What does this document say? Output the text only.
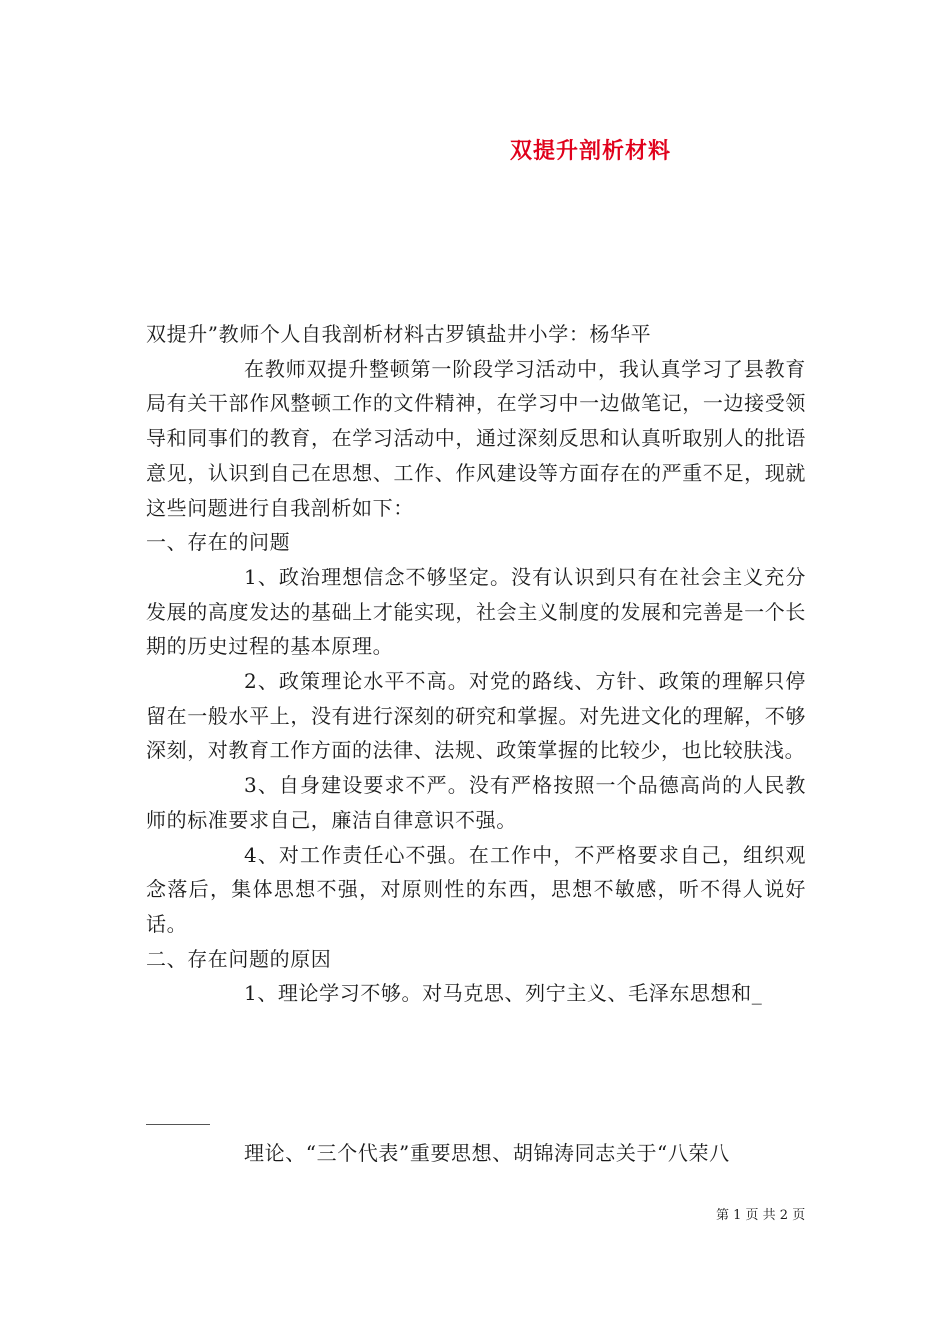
双提升剖析材料

双提升”教师个人自我剖析材料古罗镇盐井小学：杨华平

在教师双提升整顿第一阶段学习活动中，我认真学习了县教育局有关干部作风整顿工作的文件精神，在学习中一边做笔记，一边接受领导和同事们的教育，在学习活动中，通过深刻反思和认真听取别人的批语意见，认识到自己在思想、工作、作风建设等方面存在的严重不足，现就这些问题进行自我剖析如下：

一、存在的问题

1、政治理想信念不够坚定。没有认识到只有在社会主义充分发展的高度发达的基础上才能实现，社会主义制度的发展和完善是一个长期的历史过程的基本原理。

2、政策理论水平不高。对党的路线、方针、政策的理解只停留在一般水平上，没有进行深刻的研究和掌握。对先进文化的理解，不够深刻，对教育工作方面的法律、法规、政策掌握的比较少，也比较肤浅。

3、自身建设要求不严。没有严格按照一个品德高尚的人民教师的标准要求自己，廉洁自律意识不强。

4、对工作责任心不强。在工作中，不严格要求自己，组织观念落后，集体思想不强，对原则性的东西，思想不敏感，听不得人说好话。

二、存在问题的原因

1、理论学习不够。对马克思、列宁主义、毛泽东思想和_

理论、“三个代表”重要思想、胡锦涛同志关于“八荣八
第 1 页 共 2 页
